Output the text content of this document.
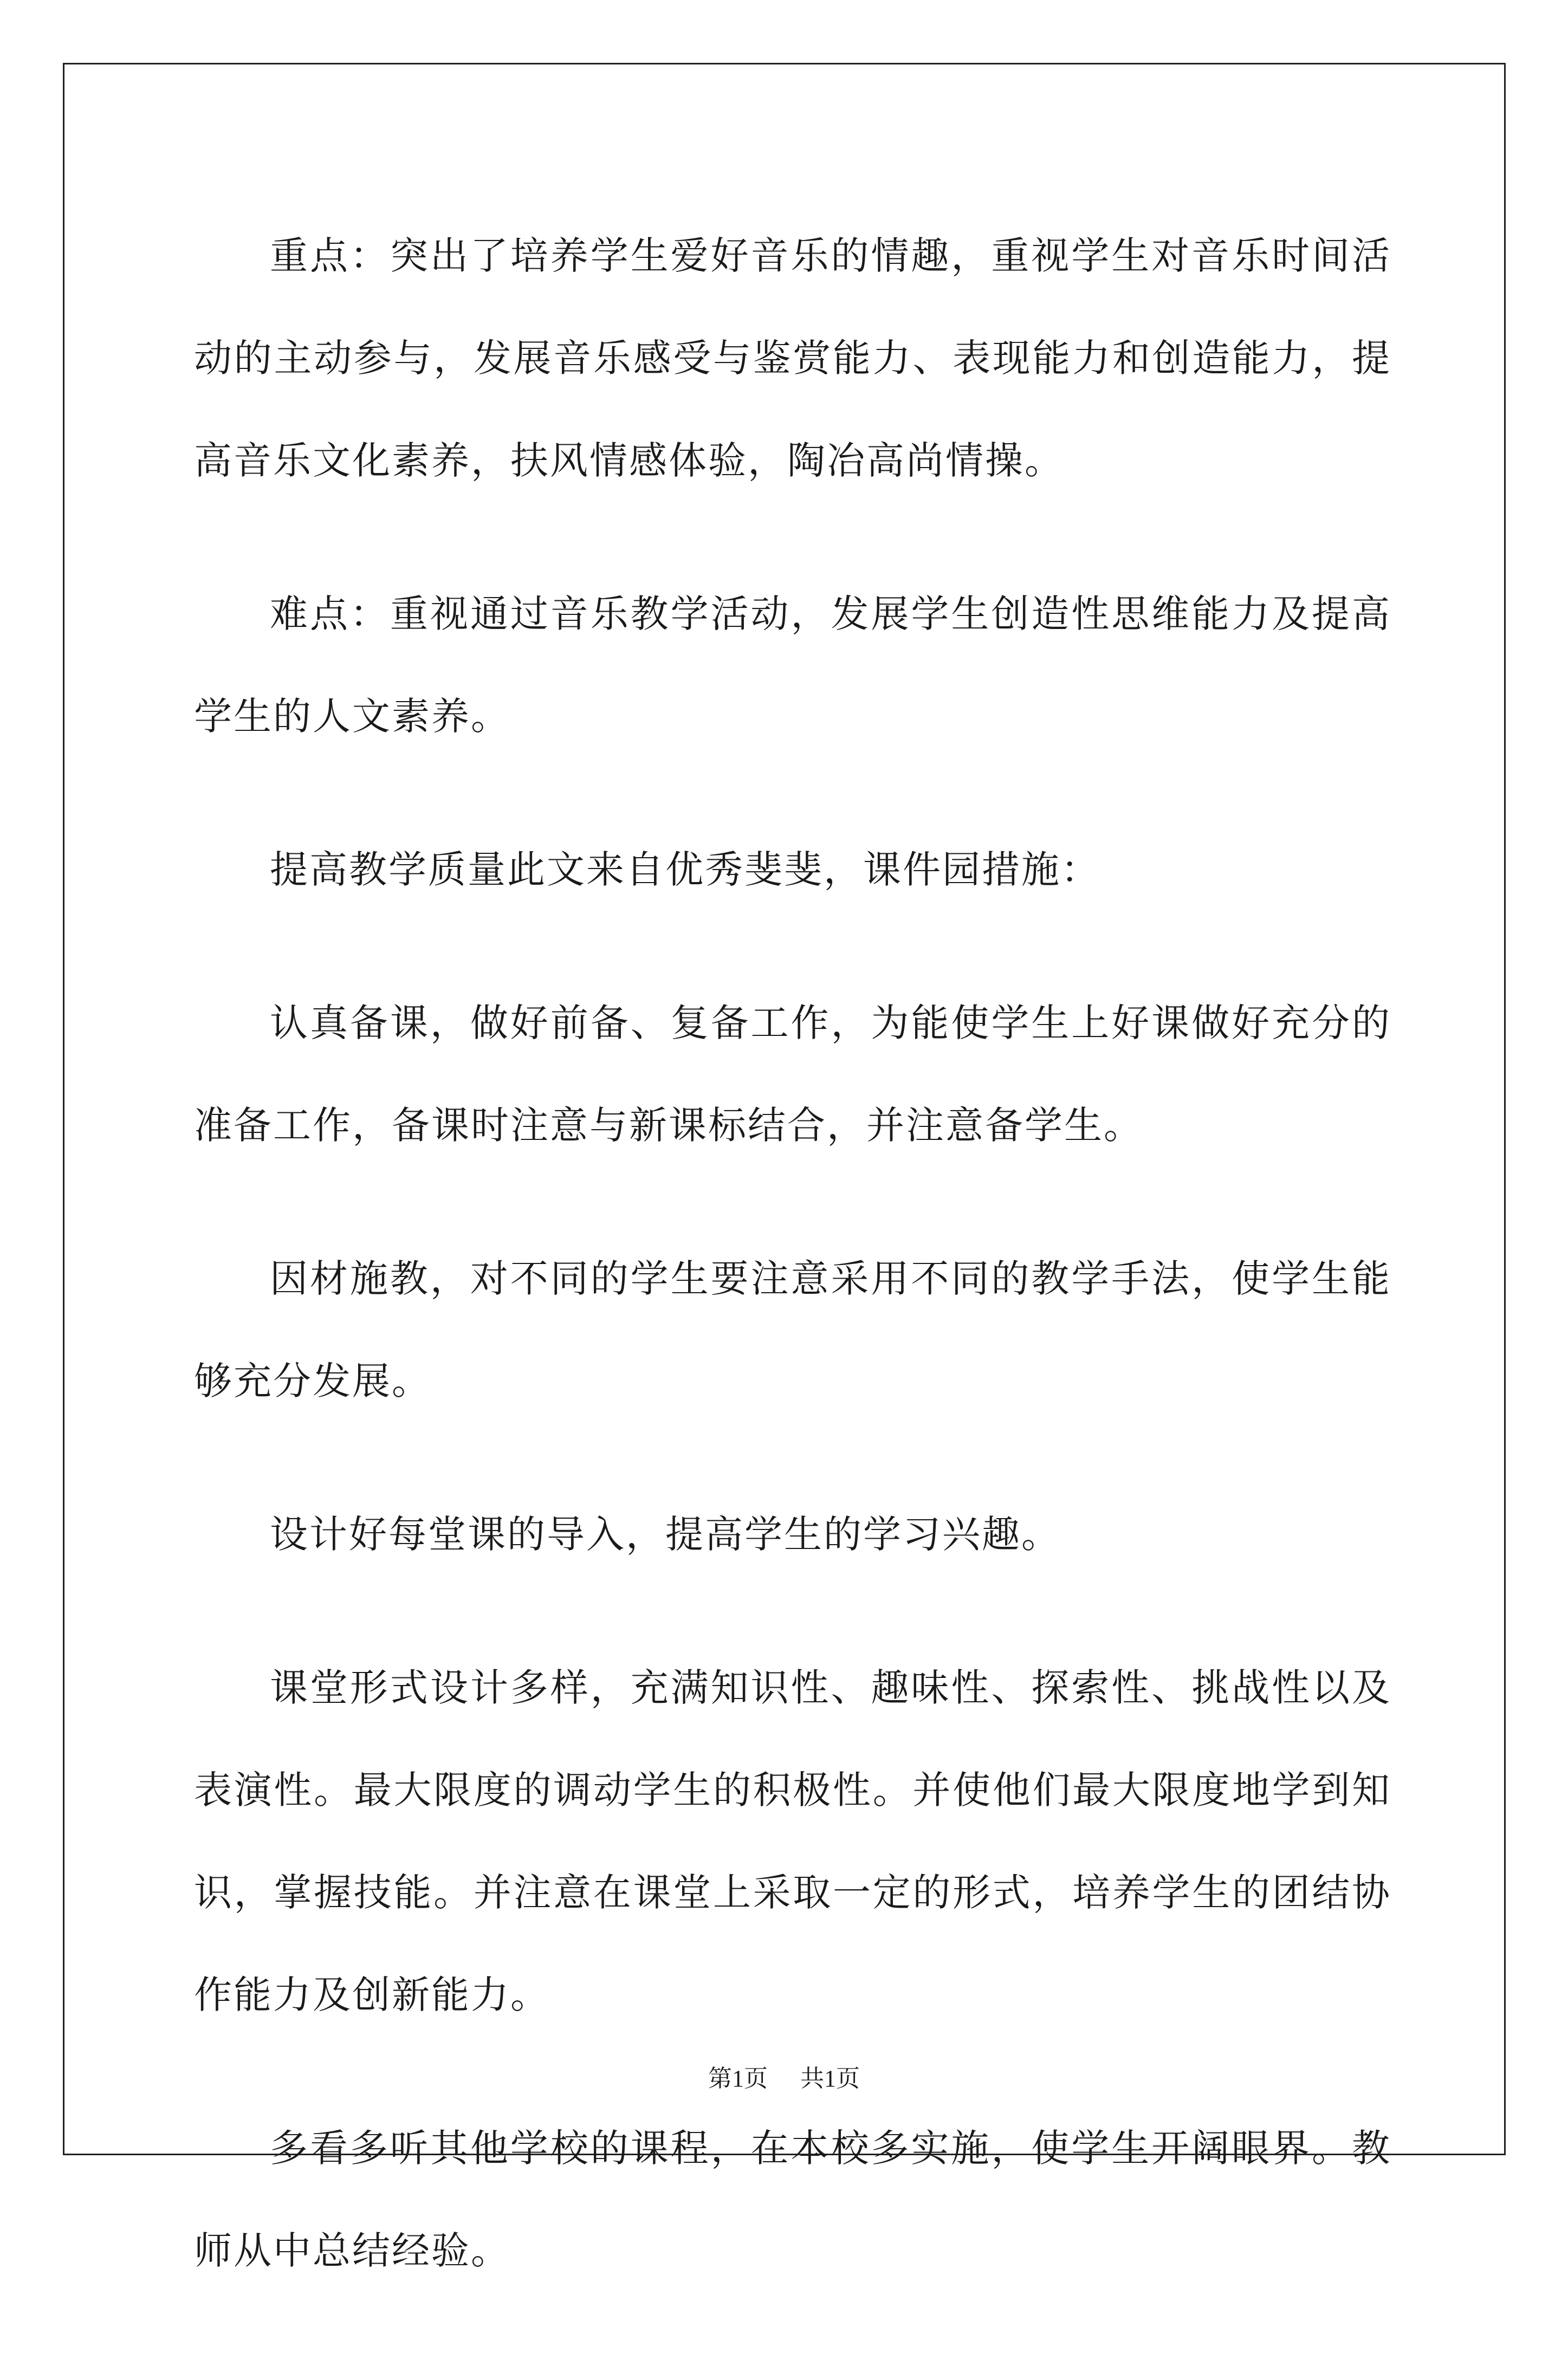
重点：突出了培养学生爱好音乐的情趣，重视学生对音乐时间活动的主动参与，发展音乐感受与鉴赏能力、表现能力和创造能力，提高音乐文化素养，扶风情感体验，陶冶高尚情操。

难点：重视通过音乐教学活动，发展学生创造性思维能力及提高学生的人文素养。

提高教学质量此文来自优秀斐斐，课件园措施：

认真备课，做好前备、复备工作，为能使学生上好课做好充分的准备工作，备课时注意与新课标结合，并注意备学生。

因材施教，对不同的学生要注意采用不同的教学手法，使学生能够充分发展。

设计好每堂课的导入，提高学生的学习兴趣。

课堂形式设计多样，充满知识性、趣味性、探索性、挑战性以及表演性。最大限度的调动学生的积极性。并使他们最大限度地学到知识，掌握技能。并注意在课堂上采取一定的形式，培养学生的团结协作能力及创新能力。

多看多听其他学校的课程，在本校多实施，使学生开阔眼界。教师从中总结经验。

第1页 共1页
